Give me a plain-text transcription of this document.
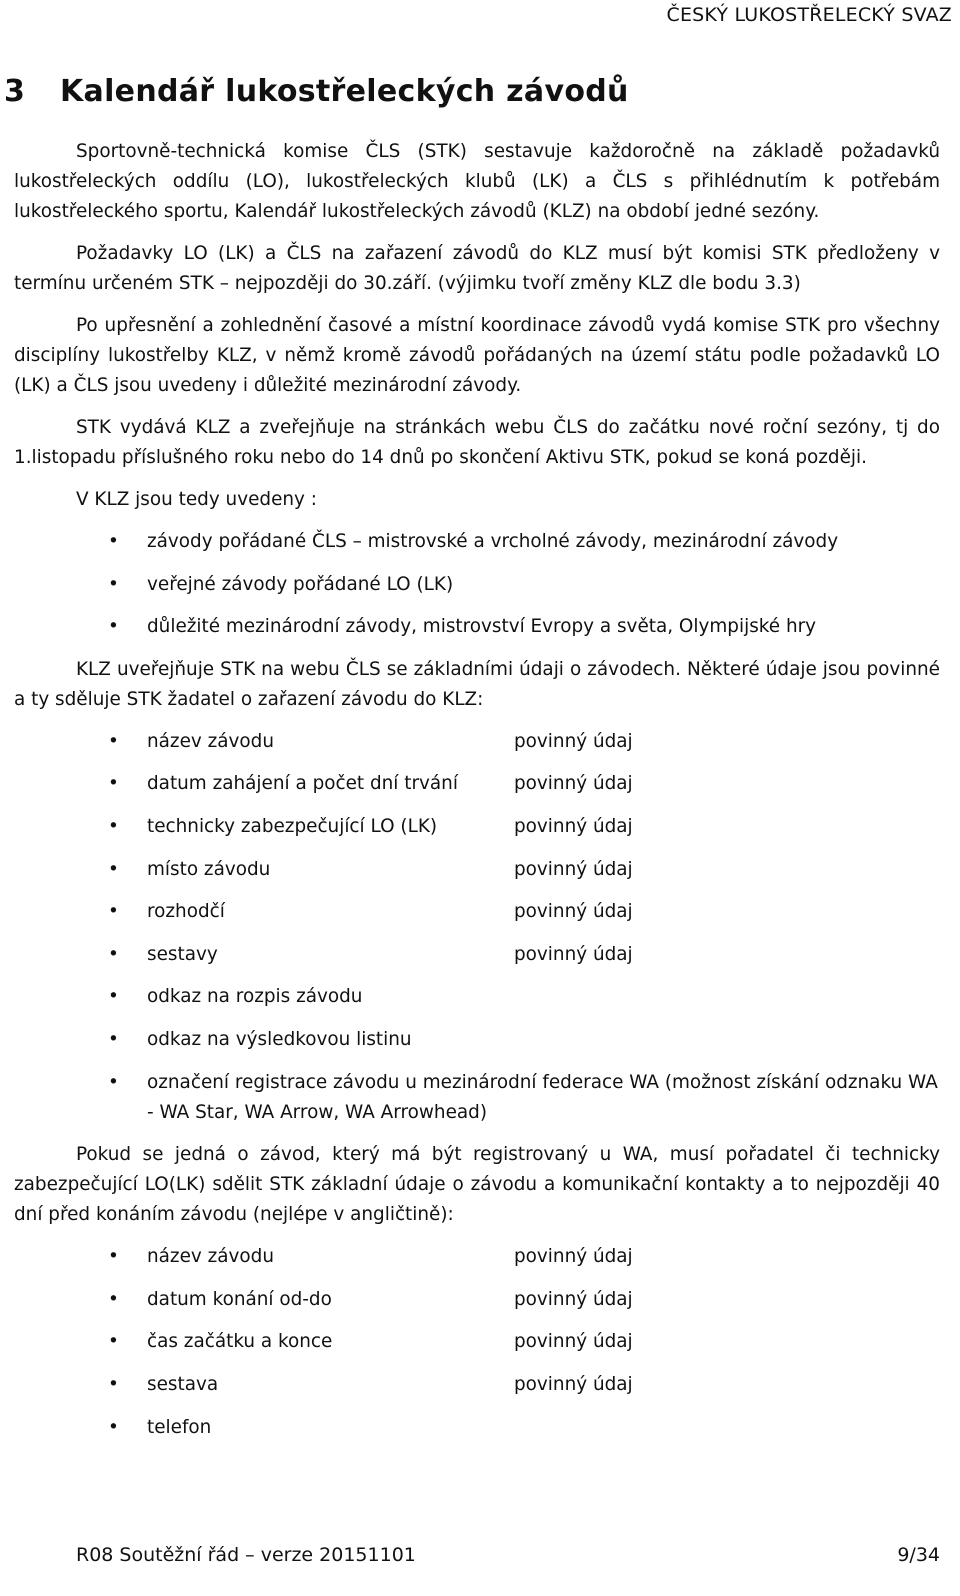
ČESKÝ LUKOSTŘELECKÝ SVAZ
3 Kalendář lukostřeleckých závodů

Sportovně-technická komise ČLS (STK) sestavuje každoročně na základě požadavků lukostřeleckých oddílu (LO), lukostřeleckých klubů (LK) a ČLS s přihlédnutím k potřebám lukostřeleckého sportu, Kalendář lukostřeleckých závodů (KLZ) na období jedné sezóny.

Požadavky LO (LK) a ČLS na zařazení závodů do KLZ musí být komisi STK předloženy v termínu určeném STK – nejpozději do 30.září. (výjimku tvoří změny KLZ dle bodu 3.3)

Po upřesnění a zohlednění časové a místní koordinace závodů vydá komise STK pro všechny disciplíny lukostřelby KLZ, v němž kromě závodů pořádaných na území státu podle požadavků LO (LK) a ČLS jsou uvedeny i důležité mezinárodní závody.

STK vydává KLZ a zveřejňuje na stránkách webu ČLS do začátku nové roční sezóny, tj do 1.listopadu příslušného roku nebo do 14 dnů po skončení Aktivu STK, pokud se koná později.

V KLZ jsou tedy uvedeny :

• závody pořádané ČLS – mistrovské a vrcholné závody, mezinárodní závody
• veřejné závody pořádané LO (LK)
• důležité mezinárodní závody, mistrovství Evropy a světa, Olympijské hry

KLZ uveřejňuje STK na webu ČLS se základními údaji o závodech. Některé údaje jsou povinné a ty sděluje STK žadatel o zařazení závodu do KLZ:

• název závodu	povinný údaj
• datum zahájení a počet dní trvání	povinný údaj
• technicky zabezpečující LO (LK)	povinný údaj
• místo závodu	povinný údaj
• rozhodčí	povinný údaj
• sestavy	povinný údaj
• odkaz na rozpis závodu
• odkaz na výsledkovou listinu
• označení registrace závodu u mezinárodní federace WA (možnost získání odznaku WA - WA Star, WA Arrow, WA Arrowhead)

Pokud se jedná o závod, který má být registrovaný u WA, musí pořadatel či technicky zabezpečující LO(LK) sdělit STK základní údaje o závodu a komunikační kontakty a to nejpozději 40 dní před konáním závodu (nejlépe v angličtině):

• název závodu	povinný údaj
• datum konání od-do	povinný údaj
• čas začátku a konce	povinný údaj
• sestava	povinný údaj
• telefon
R08 Soutěžní řád – verze 20151101	9/34
